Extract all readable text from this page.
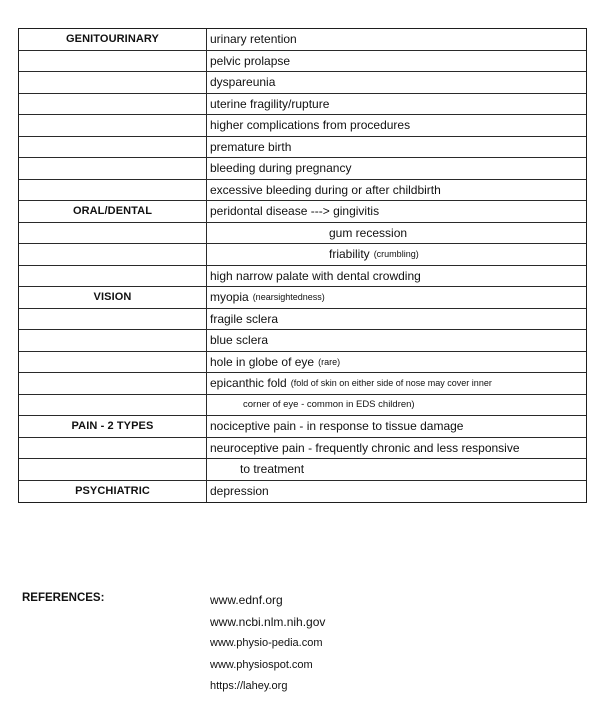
GENITOURINARY	urinary retention
pelvic prolapse
dyspareunia
uterine fragility/rupture
higher complications from procedures
premature birth
bleeding during pregnancy
excessive bleeding during or after childbirth
ORAL/DENTAL	peridontal disease ---> gingivitis
gum recession
friability (crumbling)
high narrow palate with dental crowding
VISION	myopia (nearsightedness)
fragile sclera
blue sclera
hole in globe of eye (rare)
epicanthic fold (fold of skin on either side of nose may cover inner
corner of eye - common in EDS children)
PAIN - 2 TYPES	nociceptive pain - in response to tissue damage
neuroceptive pain - frequently chronic and less responsive
to treatment
PSYCHIATRIC	depression
REFERENCES:	www.ednf.org
www.ncbi.nlm.nih.gov
www.physio-pedia.com
www.physiospot.com
https://lahey.org
